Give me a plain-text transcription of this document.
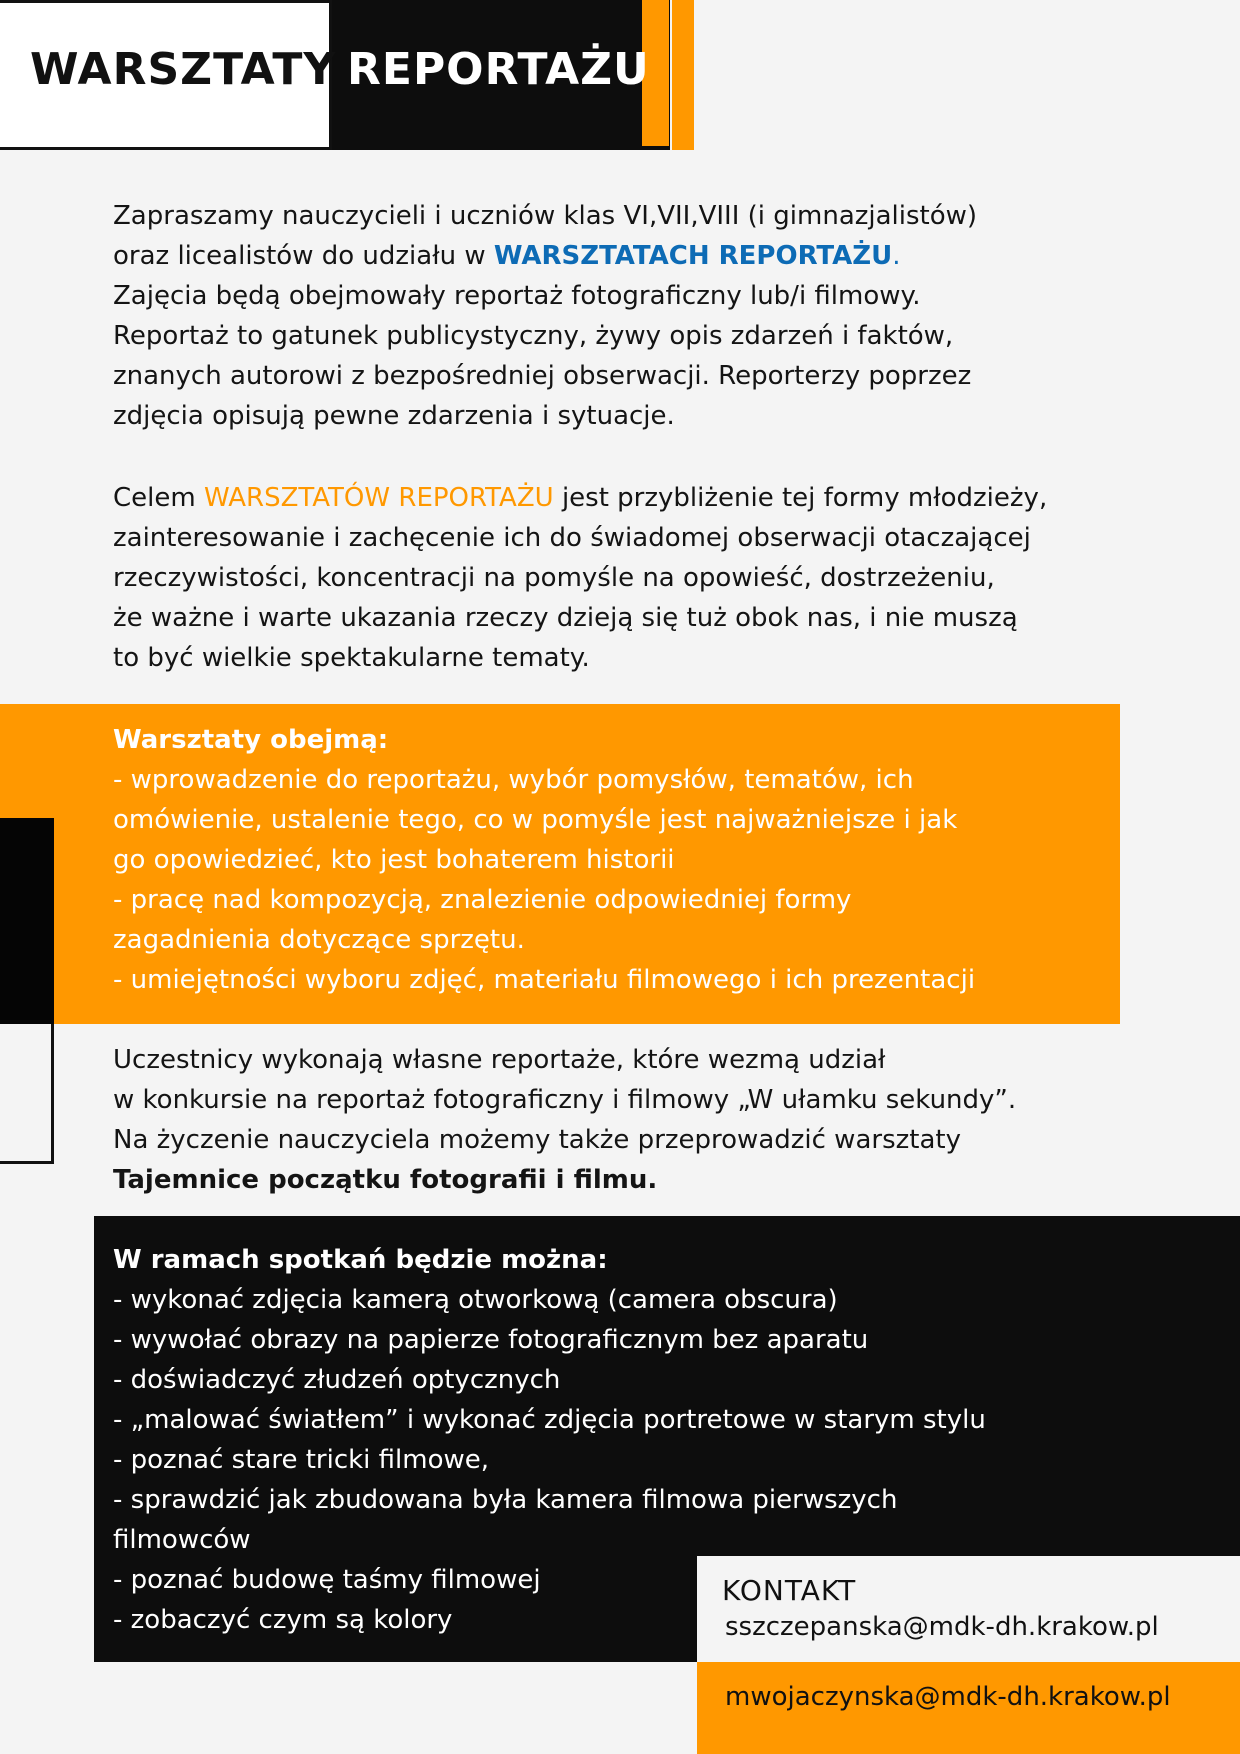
WARSZTATY REPORTAŻU
Zapraszamy nauczycieli i uczniów klas VI,VII,VIII (i gimnazjalistów)
oraz licealistów do udziału w WARSZTATACH REPORTAŻU.
Zajęcia będą obejmowały reportaż fotograficzny lub/i filmowy.
Reportaż to gatunek publicystyczny, żywy opis zdarzeń i faktów,
znanych autorowi z bezpośredniej obserwacji. Reporterzy poprzez
zdjęcia opisują pewne zdarzenia i sytuacje.
Celem WARSZTATÓW REPORTAŻU jest przybliżenie tej formy młodzieży,
zainteresowanie i zachęcenie ich do świadomej obserwacji otaczającej
rzeczywistości, koncentracji na pomyśle na opowieść, dostrzeżeniu,
że ważne i warte ukazania rzeczy dzieją się tuż obok nas, i nie muszą
to być wielkie spektakularne tematy.
Warsztaty obejmą:
- wprowadzenie do reportażu, wybór pomysłów, tematów, ich
omówienie, ustalenie tego, co w pomyśle jest najważniejsze i jak
go opowiedzieć, kto jest bohaterem historii
- pracę nad kompozycją, znalezienie odpowiedniej formy
zagadnienia dotyczące sprzętu.
- umiejętności wyboru zdjęć, materiału filmowego i ich prezentacji
Uczestnicy wykonają własne reportaże, które wezmą udział
w konkursie na reportaż fotograficzny i filmowy „W ułamku sekundy”.
Na życzenie nauczyciela możemy także przeprowadzić warsztaty
Tajemnice początku fotografii i filmu.
W ramach spotkań będzie można:
- wykonać zdjęcia kamerą otworkową (camera obscura)
- wywołać obrazy na papierze fotograficznym bez aparatu
- doświadczyć złudzeń optycznych
- „malować światłem” i wykonać zdjęcia portretowe w starym stylu
- poznać stare tricki filmowe,
- sprawdzić jak zbudowana była kamera filmowa pierwszych
filmowców
- poznać budowę taśmy filmowej
- zobaczyć czym są kolory
KONTAKT
sszczepanska@mdk-dh.krakow.pl
mwojaczynska@mdk-dh.krakow.pl
